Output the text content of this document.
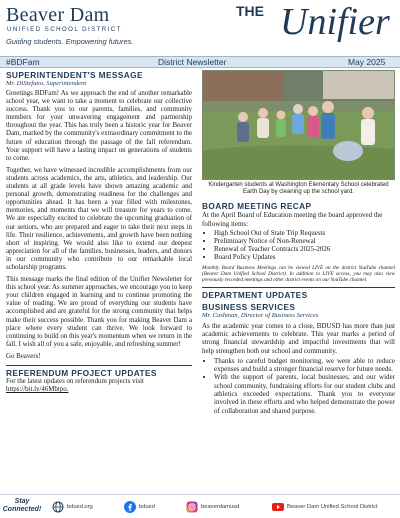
Beaver Dam
UNIFIED SCHOOL DISTRICT
Guiding students. Empowering futures.
THE Unifier
#BDFam	District Newsletter	May 2025
SUPERINTENDENT'S MESSAGE
Mr. DiStefano, Superintendent

Greetings BDFam! As we approach the end of another remarkable school year, we want to take a moment to celebrate our collective success. Thank you to our parents, families, and community members for your unwavering engagement and partnership throughout the year. This has truly been a historic year for Beaver Dam, marked by the community's extraordinary commitment to the future of education through the passage of the fall referendum. Your support will have a lasting impact on generations of students to come.

Together, we have witnessed incredible accomplishments from our students across academics, the arts, athletics, and leadership. Our students at all grade levels have shown amazing academic and personal growth, demonstrating readiness for the challenges and opportunities ahead. It has been a year filled with milestones, memories, and moments that we will treasure for years to come. We are especially excited to celebrate the upcoming graduation of our seniors, who are prepared and eager to take their next steps in life. Their resilience, achievements, and growth have been nothing short of inspiring. We would also like to extend our deepest appreciation for all of the families, businesses, leaders, and donors in our community who contribute to our remarkable local scholarship programs.

This message marks the final edition of the Unifier Newsletter for this school year. As summer approaches, we encourage you to keep your children engaged in learning and to continue promoting the value of reading. We are proud of everything our students have accomplished and are grateful for the strong community that helps make their success possible. Thank you for making Beaver Dam a place where every student can thrive. We look forward to continuing to build on this year's momentum when we return in the fall. I wish all of you a safe, enjoyable, and refreshing summer!

Go Beavers!

REFERENDUM PFOJECT UPDATES

For the latest updates on referendum projects visit https://bit.ly/46Mbtpo.

Kindergarten students at Washington Elementary School celebrated Earth Day by cleaning up the school yard.
BOARD MEETING RECAP

At the April Board of Education meeting the board approved the following items:

• High School Out of State Trip Requests
• Preliminary Notice of Non-Renewal
• Renewal of Teacher Contracts 2025-2026
• Board Policy Updates
Monthly Board Business Meetings can be viewed LIVE on the district YouTube channel (Beaver Dam Unified School District). In addition to LIVE access, you may also view previously recorded meetings and other district events on our YouTube channel.
DEPARTMENT UPDATES
BUSINESS SERVICES
Mr. Cashman, Director of Business Services

As the academic year comes to a close, BDUSD has more than just academic achievements to celebrate. This year marks a period of strong financial stewardship and impactful investments that will help strengthen both our school and community.

• Thanks to careful budget monitoring, we were able to reduce expenses and build a stronger financial reserve for future needs.
• With the support of parents, local businesses, and our wider school community, fundraising efforts for our student clubs and athletics exceeded expectations. Thank you to everyone involved in these efforts and who helped demonstrate the power of collaboration and shared purpose.
Stay Connected!	bdusd.org	bdusd	beaverdamusd	Beaver Dam Unified School District
